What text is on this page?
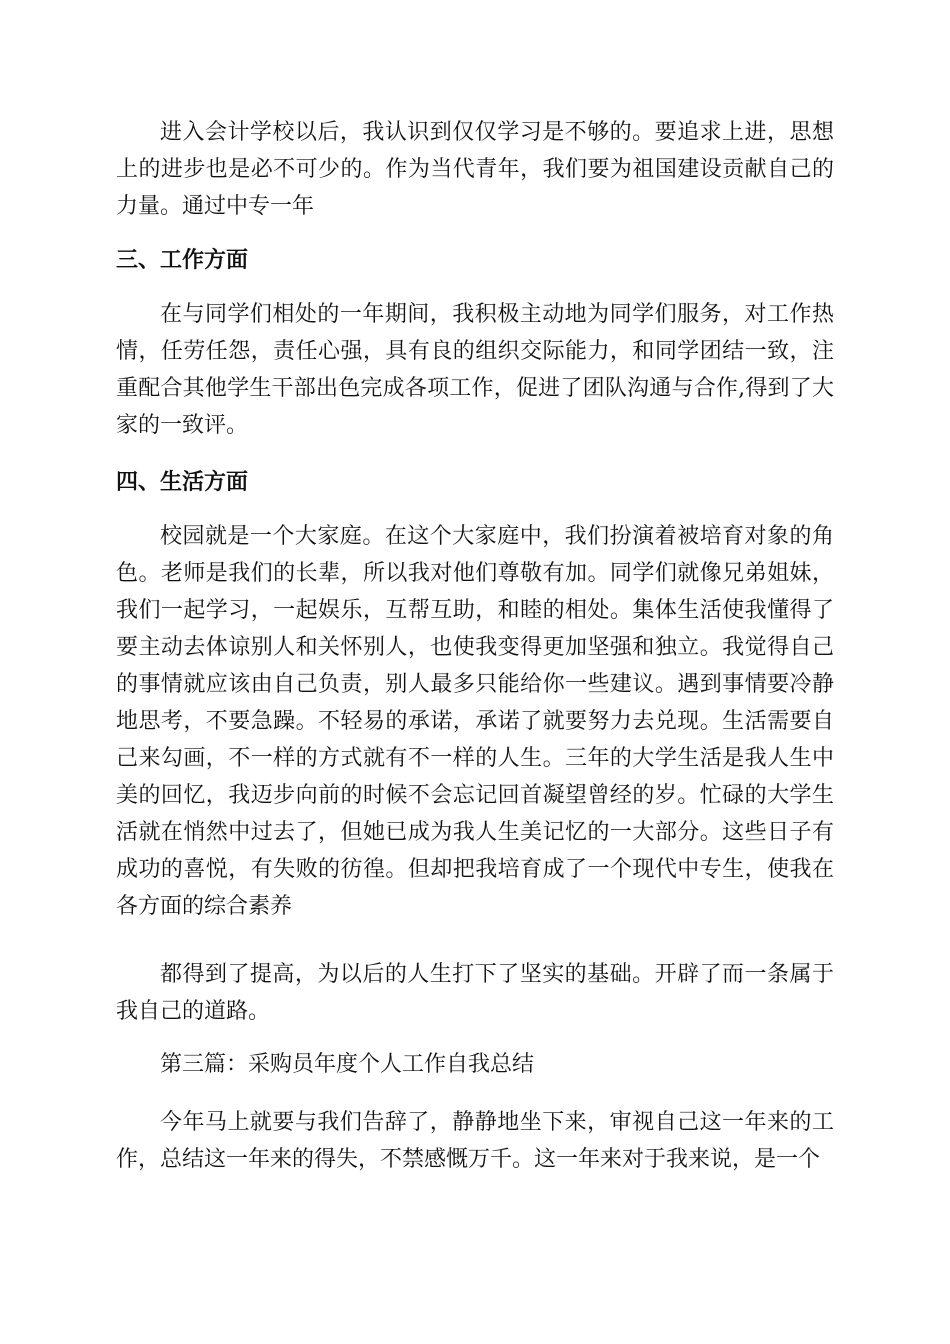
进入会计学校以后，我认识到仅仅学习是不够的。要追求上进，思想上的进步也是必不可少的。作为当代青年，我们要为祖国建设贡献自己的力量。通过中专一年

三、工作方面

在与同学们相处的一年期间，我积极主动地为同学们服务，对工作热情，任劳任怨，责任心强，具有良的组织交际能力，和同学团结一致，注重配合其他学生干部出色完成各项工作，促进了团队沟通与合作,得到了大家的一致评。

四、生活方面

校园就是一个大家庭。在这个大家庭中，我们扮演着被培育对象的角色。老师是我们的长辈，所以我对他们尊敬有加。同学们就像兄弟姐妹，我们一起学习，一起娱乐，互帮互助，和睦的相处。集体生活使我懂得了要主动去体谅别人和关怀别人，也使我变得更加坚强和独立。我觉得自己的事情就应该由自己负责，别人最多只能给你一些建议。遇到事情要冷静地思考，不要急躁。不轻易的承诺，承诺了就要努力去兑现。生活需要自己来勾画，不一样的方式就有不一样的人生。三年的大学生活是我人生中美的回忆，我迈步向前的时候不会忘记回首凝望曾经的岁。忙碌的大学生活就在悄然中过去了，但她已成为我人生美记忆的一大部分。这些日子有成功的喜悦，有失败的彷徨。但却把我培育成了一个现代中专生，使我在各方面的综合素养

都得到了提高，为以后的人生打下了坚实的基础。开辟了而一条属于我自己的道路。

第三篇：采购员年度个人工作自我总结

今年马上就要与我们告辞了，静静地坐下来，审视自己这一年来的工作，总结这一年来的得失，不禁感慨万千。这一年来对于我来说，是一个
